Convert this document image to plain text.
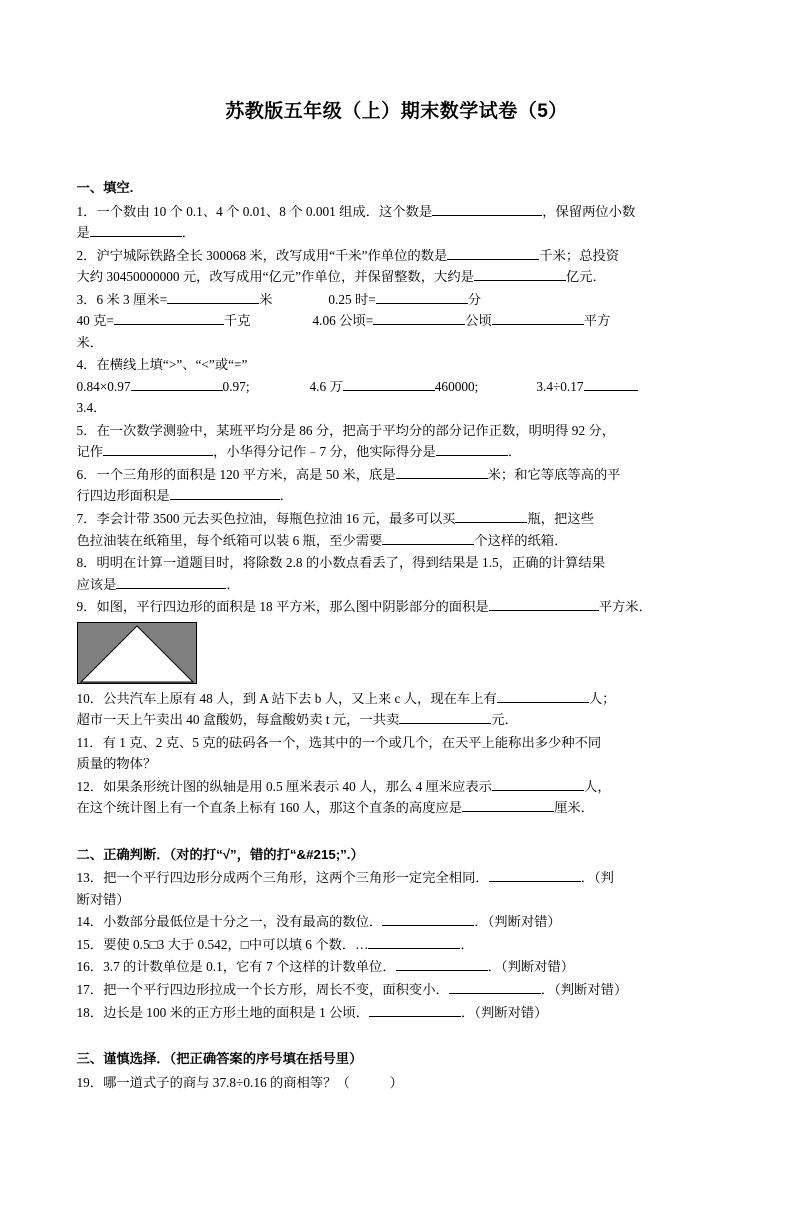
苏教版五年级（上）期末数学试卷（5）
一、填空.
1．一个数由 10 个 0.1、4 个 0.01、8 个 0.001 组成．这个数是	，保留两位小数
是	．
2．沪宁城际铁路全长 300068 米，改写成用“千米”作单位的数是	千米；总投资
大约 30450000000 元，改写成用“亿元”作单位，并保留整数，大约是	亿元．
3．6 米 3 厘米=	米	0.25 时=	分
40 克=	千克	4.06 公顷=	公顷	平方
米．
4．在横线上填“>”、“<”或“=”
0.84×0.97	0.97;	4.6 万	460000;	3.4÷0.17
3.4．
5．在一次数学测验中，某班平均分是 86 分，把高于平均分的部分记作正数，明明得 92 分，
记作	，小华得分记作﹣7 分，他实际得分是	．
6．一个三角形的面积是 120 平方米，高是 50 米，底是	米；和它等底等高的平
行四边形面积是	．
7．李会计带 3500 元去买色拉油，每瓶色拉油 16 元，最多可以买	瓶，把这些
色拉油装在纸箱里，每个纸箱可以装 6 瓶，至少需要	个这样的纸箱．
8．明明在计算一道题目时，将除数 2.8 的小数点看丢了，得到结果是 1.5，正确的计算结果
应该是	．
9．如图，平行四边形的面积是 18 平方米，那么图中阴影部分的面积是	平方米．
10．公共汽车上原有 48 人，到 A 站下去 b 人，又上来 c 人，现在车上有	人；
超市一天上午卖出 40 盒酸奶，每盒酸奶卖 t 元，一共卖	元．
11．有 1 克、2 克、5 克的砝码各一个，选其中的一个或几个，在天平上能称出多少种不同
质量的物体？
12．如果条形统计图的纵轴是用 0.5 厘米表示 40 人，那么 4 厘米应表示	人，
在这个统计图上有一个直条上标有 160 人，那这个直条的高度应是	厘米．
二、正确判断．（对的打“√”，错的打“&#215;”.）
13．把一个平行四边形分成两个三角形，这两个三角形一定完全相同．	．（判
断对错）
14．小数部分最低位是十分之一，没有最高的数位．	．（判断对错）
15．要使 0.5□3 大于 0.542，□中可以填 6 个数．…	．
16．3.7 的计数单位是 0.1，它有 7 个这样的计数单位．	．（判断对错）
17．把一个平行四边形拉成一个长方形，周长不变，面积变小．	．（判断对错）
18．边长是 100 米的正方形土地的面积是 1 公顷．	．（判断对错）
三、谨慎选择．（把正确答案的序号填在括号里）
19．哪一道式子的商与 37.8÷0.16 的商相等？（　　　）
